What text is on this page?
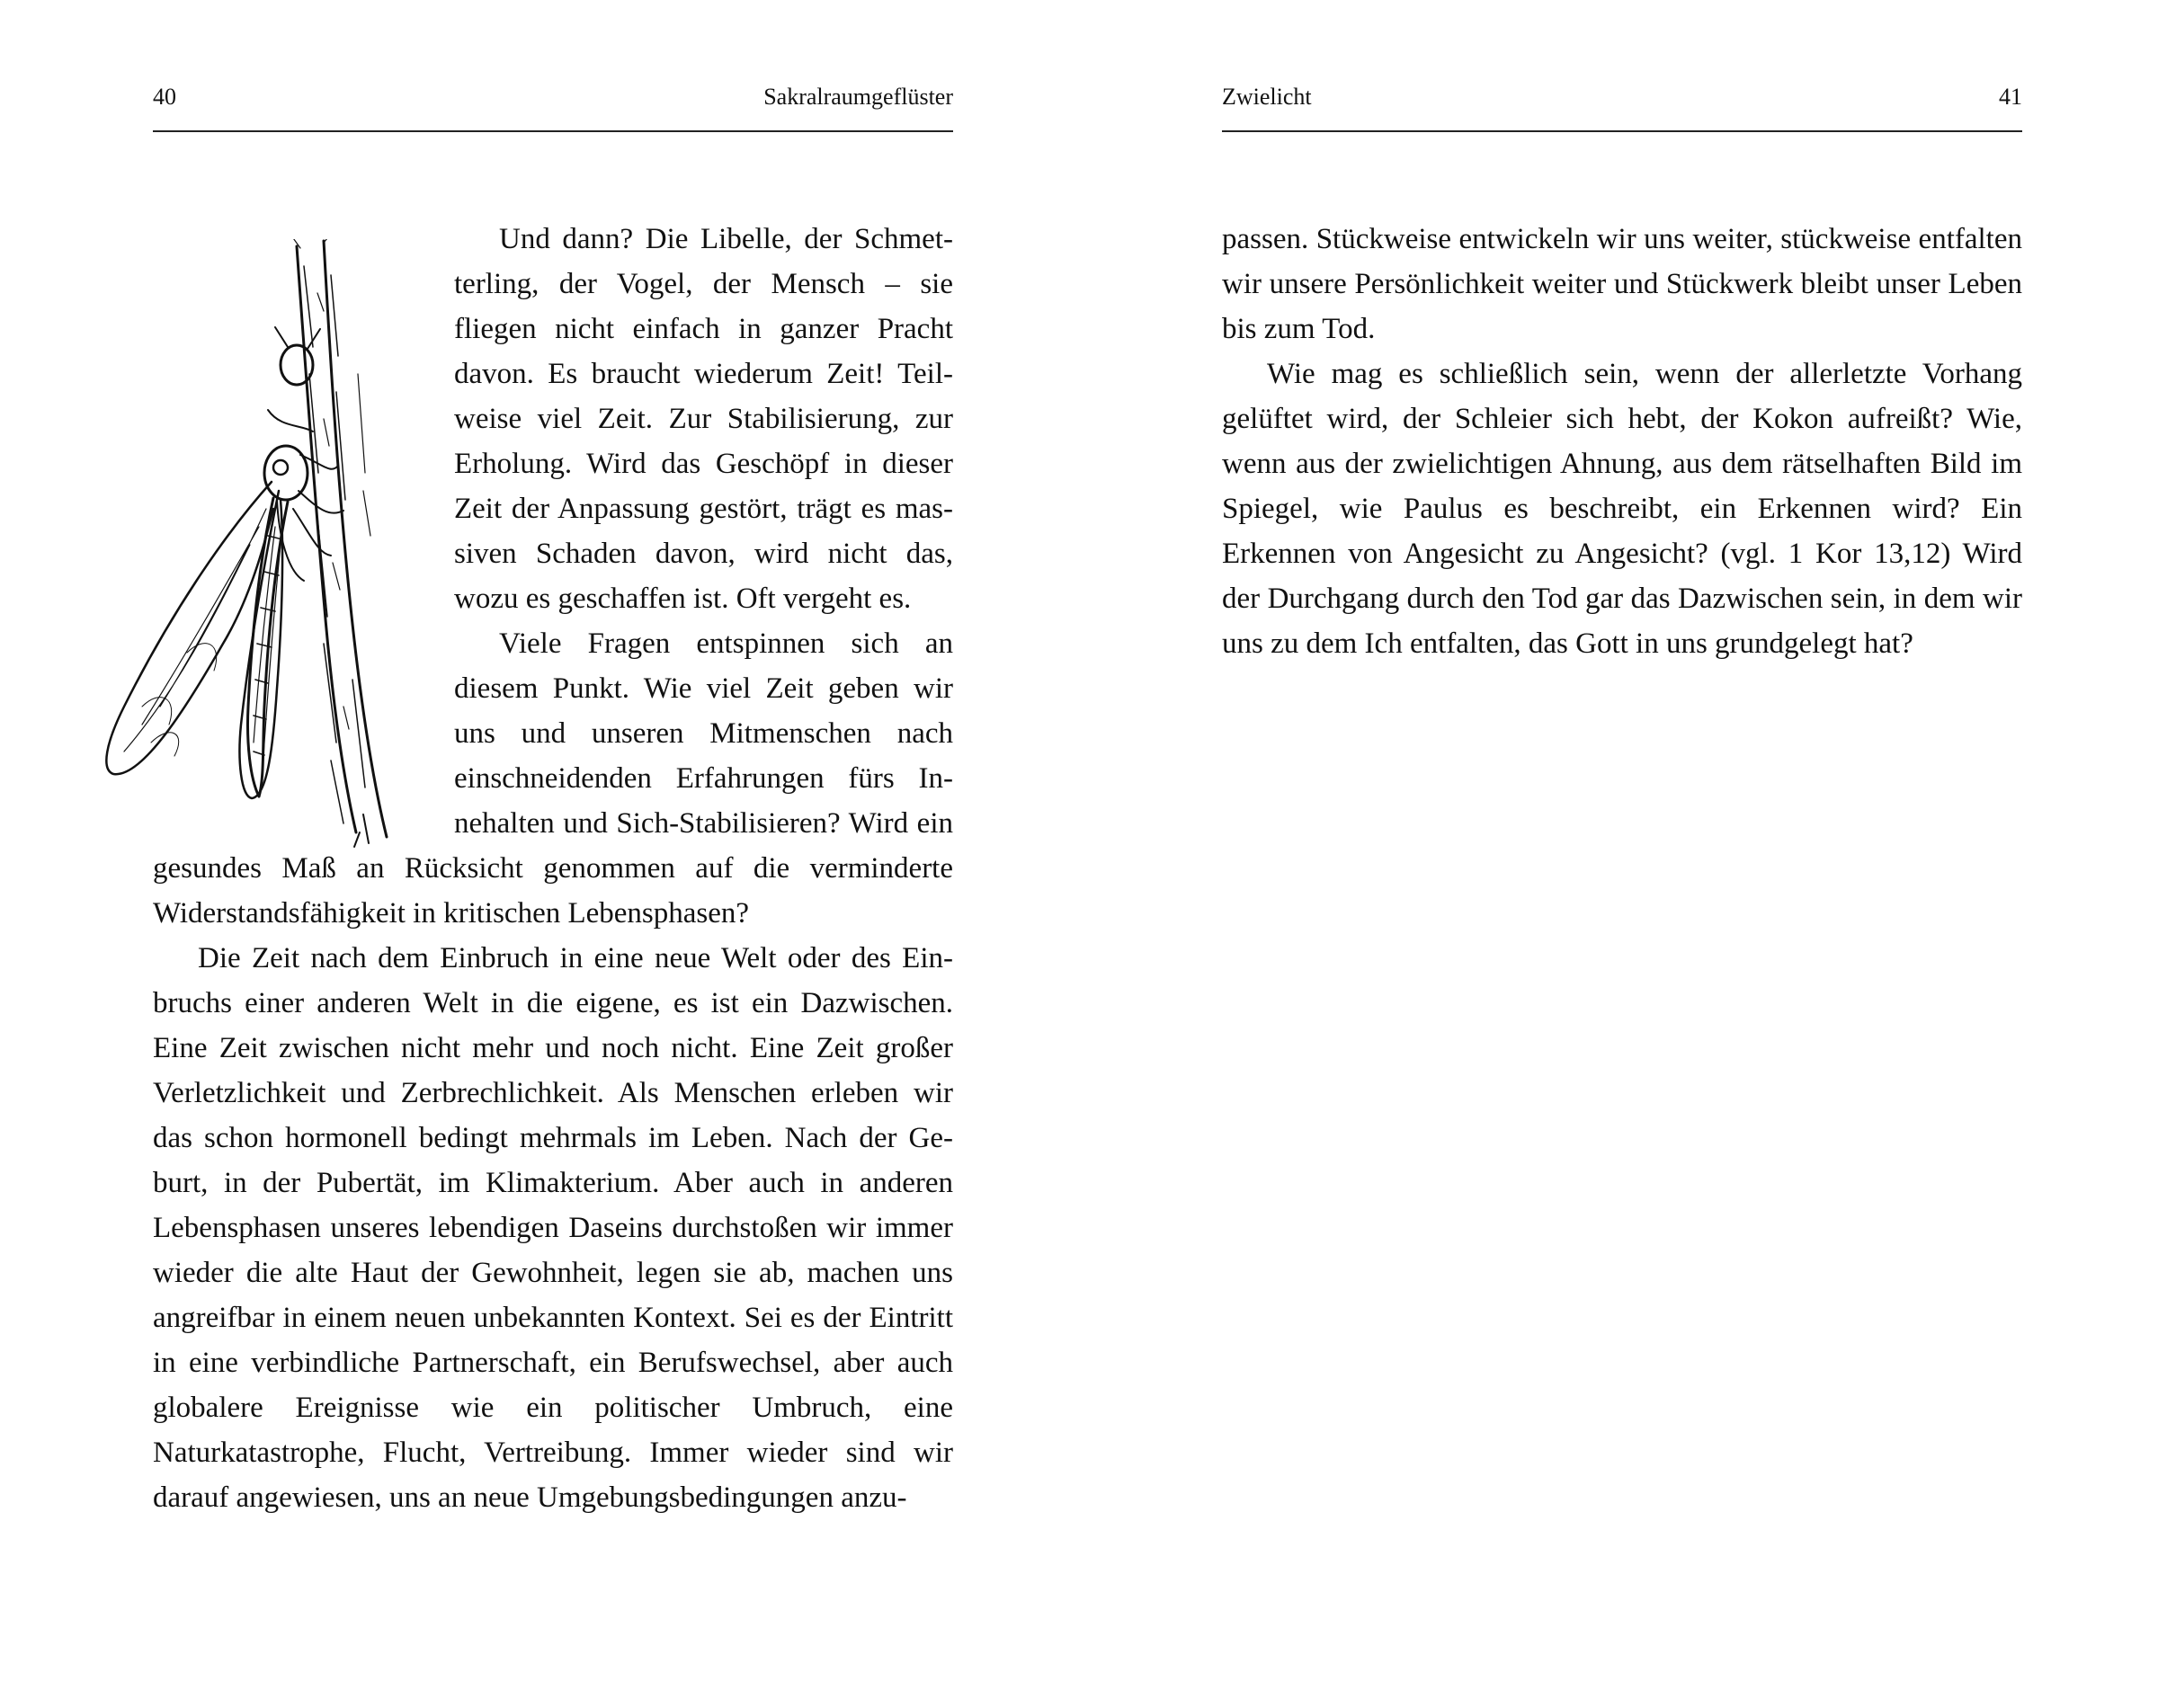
40	Sakralraumgeflüster

Und dann? Die Libelle, der Schmetterling, der Vogel, der Mensch – sie fliegen nicht einfach in ganzer Pracht davon. Es braucht wiederum Zeit! Teilweise viel Zeit. Zur Stabilisierung, zur Erholung. Wird das Geschöpf in dieser Zeit der Anpassung gestört, trägt es massiven Schaden davon, wird nicht das, wozu es geschaffen ist. Oft vergeht es.

Viele Fragen entspinnen sich an diesem Punkt. Wie viel Zeit geben wir uns und unseren Mitmenschen nach einschneidenden Erfahrungen fürs Innehalten und Sich-Stabilisieren? Wird ein gesundes Maß an Rücksicht genommen auf die verminderte Widerstandsfähigkeit in kritischen Lebensphasen?

Die Zeit nach dem Einbruch in eine neue Welt oder des Einbruchs einer anderen Welt in die eigene, es ist ein Dazwischen. Eine Zeit zwischen nicht mehr und noch nicht. Eine Zeit großer Verletzlichkeit und Zerbrechlichkeit. Als Menschen erleben wir das schon hormonell bedingt mehrmals im Leben. Nach der Geburt, in der Pubertät, im Klimakterium. Aber auch in anderen Lebensphasen unseres lebendigen Daseins durchstoßen wir immer wieder die alte Haut der Gewohnheit, legen sie ab, machen uns angreifbar in einem neuen unbekannten Kontext. Sei es der Eintritt in eine verbindliche Partnerschaft, ein Berufswechsel, aber auch globalere Ereignisse wie ein politischer Umbruch, eine Naturkatastrophe, Flucht, Vertreibung. Immer wieder sind wir darauf angewiesen, uns an neue Umgebungsbedingungen anzu-

Zwielicht	41

passen. Stückweise entwickeln wir uns weiter, stückweise entfalten wir unsere Persönlichkeit weiter und Stückwerk bleibt unser Leben bis zum Tod.

Wie mag es schließlich sein, wenn der allerletzte Vorhang gelüftet wird, der Schleier sich hebt, der Kokon aufreißt? Wie, wenn aus der zwielichtigen Ahnung, aus dem rätselhaften Bild im Spiegel, wie Paulus es beschreibt, ein Erkennen wird? Ein Erkennen von Angesicht zu Angesicht? (vgl. 1 Kor 13,12) Wird der Durchgang durch den Tod gar das Dazwischen sein, in dem wir uns zu dem Ich entfalten, das Gott in uns grundgelegt hat?
